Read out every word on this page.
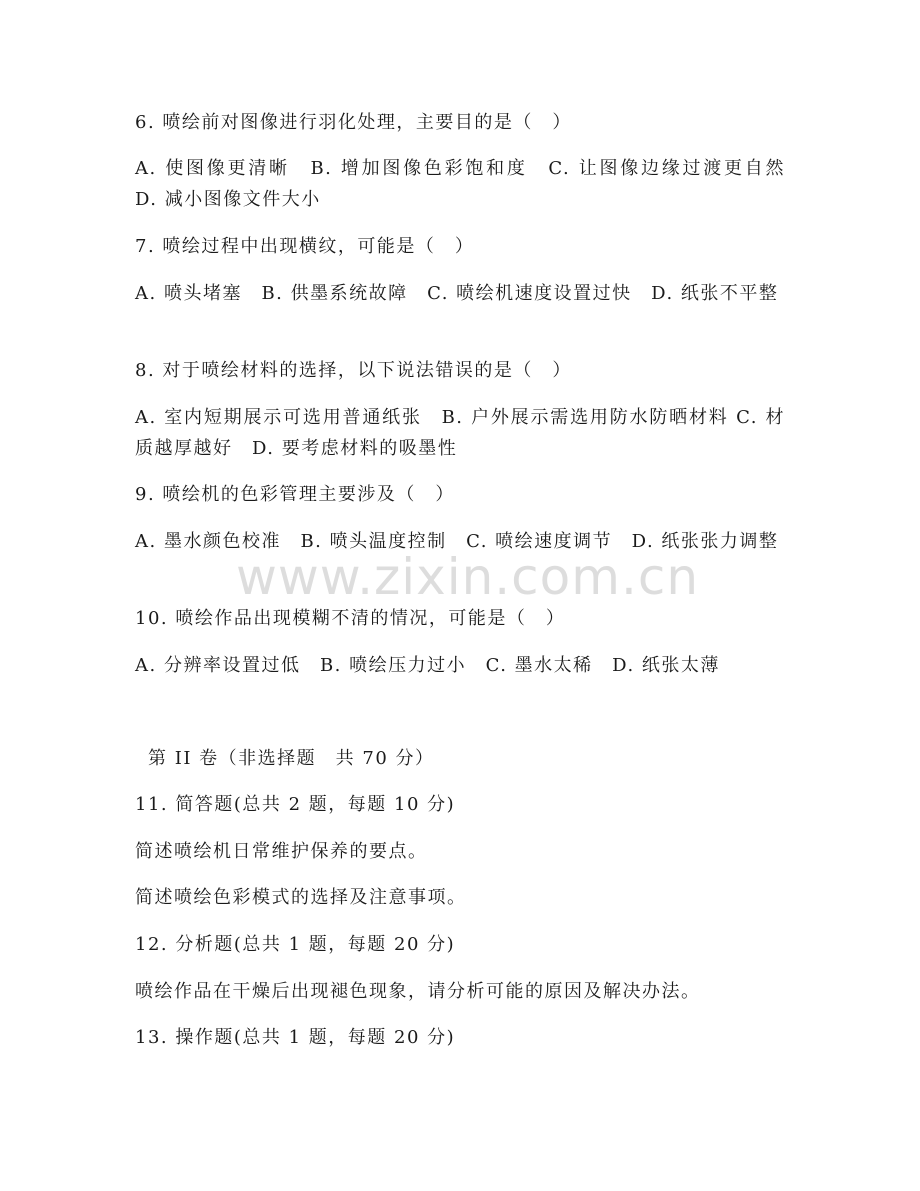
www.zixin.com.cn
6. 喷绘前对图像进行羽化处理，主要目的是（　）
A. 使图像更清晰　B. 增加图像色彩饱和度　C. 让图像边缘过渡更自然　D. 减小图像文件大小
7. 喷绘过程中出现横纹，可能是（　）
A. 喷头堵塞　B. 供墨系统故障　C. 喷绘机速度设置过快　D. 纸张不平整
8. 对于喷绘材料的选择，以下说法错误的是（　）
A. 室内短期展示可选用普通纸张　B. 户外展示需选用防水防晒材料 C. 材质越厚越好　D. 要考虑材料的吸墨性
9. 喷绘机的色彩管理主要涉及（　）
A. 墨水颜色校准　B. 喷头温度控制　C. 喷绘速度调节　D. 纸张张力调整
10. 喷绘作品出现模糊不清的情况，可能是（　）
A. 分辨率设置过低　B. 喷绘压力过小　C. 墨水太稀　D. 纸张太薄
第 II 卷（非选择题　共 70 分）
11. 简答题(总共 2 题，每题 10 分)
简述喷绘机日常维护保养的要点。
简述喷绘色彩模式的选择及注意事项。
12. 分析题(总共 1 题，每题 20 分)
喷绘作品在干燥后出现褪色现象，请分析可能的原因及解决办法。
13. 操作题(总共 1 题，每题 20 分)
